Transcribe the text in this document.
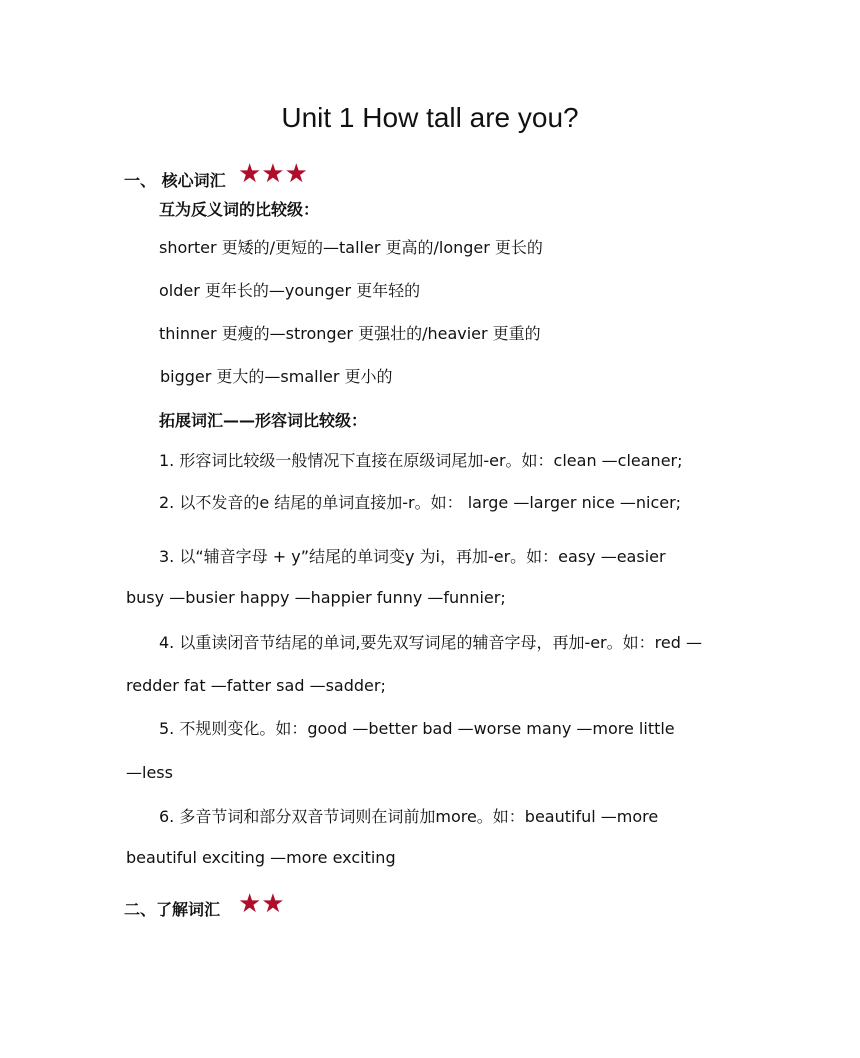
Unit 1 How tall are you?
一、 核心词汇 ★★★
互为反义词的比较级：
shorter 更矮的/更短的—taller 更高的/longer 更长的
older 更年长的—younger 更年轻的
thinner 更瘦的—stronger 更强壮的/heavier 更重的
bigger 更大的—smaller 更小的
拓展词汇——形容词比较级：
1. 形容词比较级一般情况下直接在原级词尾加-er。如：clean —cleaner;
2. 以不发音的e 结尾的单词直接加-r。如： large —larger nice —nicer;
3. 以“辅音字母 + y”结尾的单词变y 为i，再加-er。如：easy —easier
busy —busier happy —happier funny —funnier;
4. 以重读闭音节结尾的单词,要先双写词尾的辅音字母，再加-er。如：red —
redder fat —fatter sad —sadder;
5. 不规则变化。如：good —better bad —worse many —more little
—less
6. 多音节词和部分双音节词则在词前加more。如：beautiful —more
beautiful exciting —more exciting
二、了解词汇 ★★
